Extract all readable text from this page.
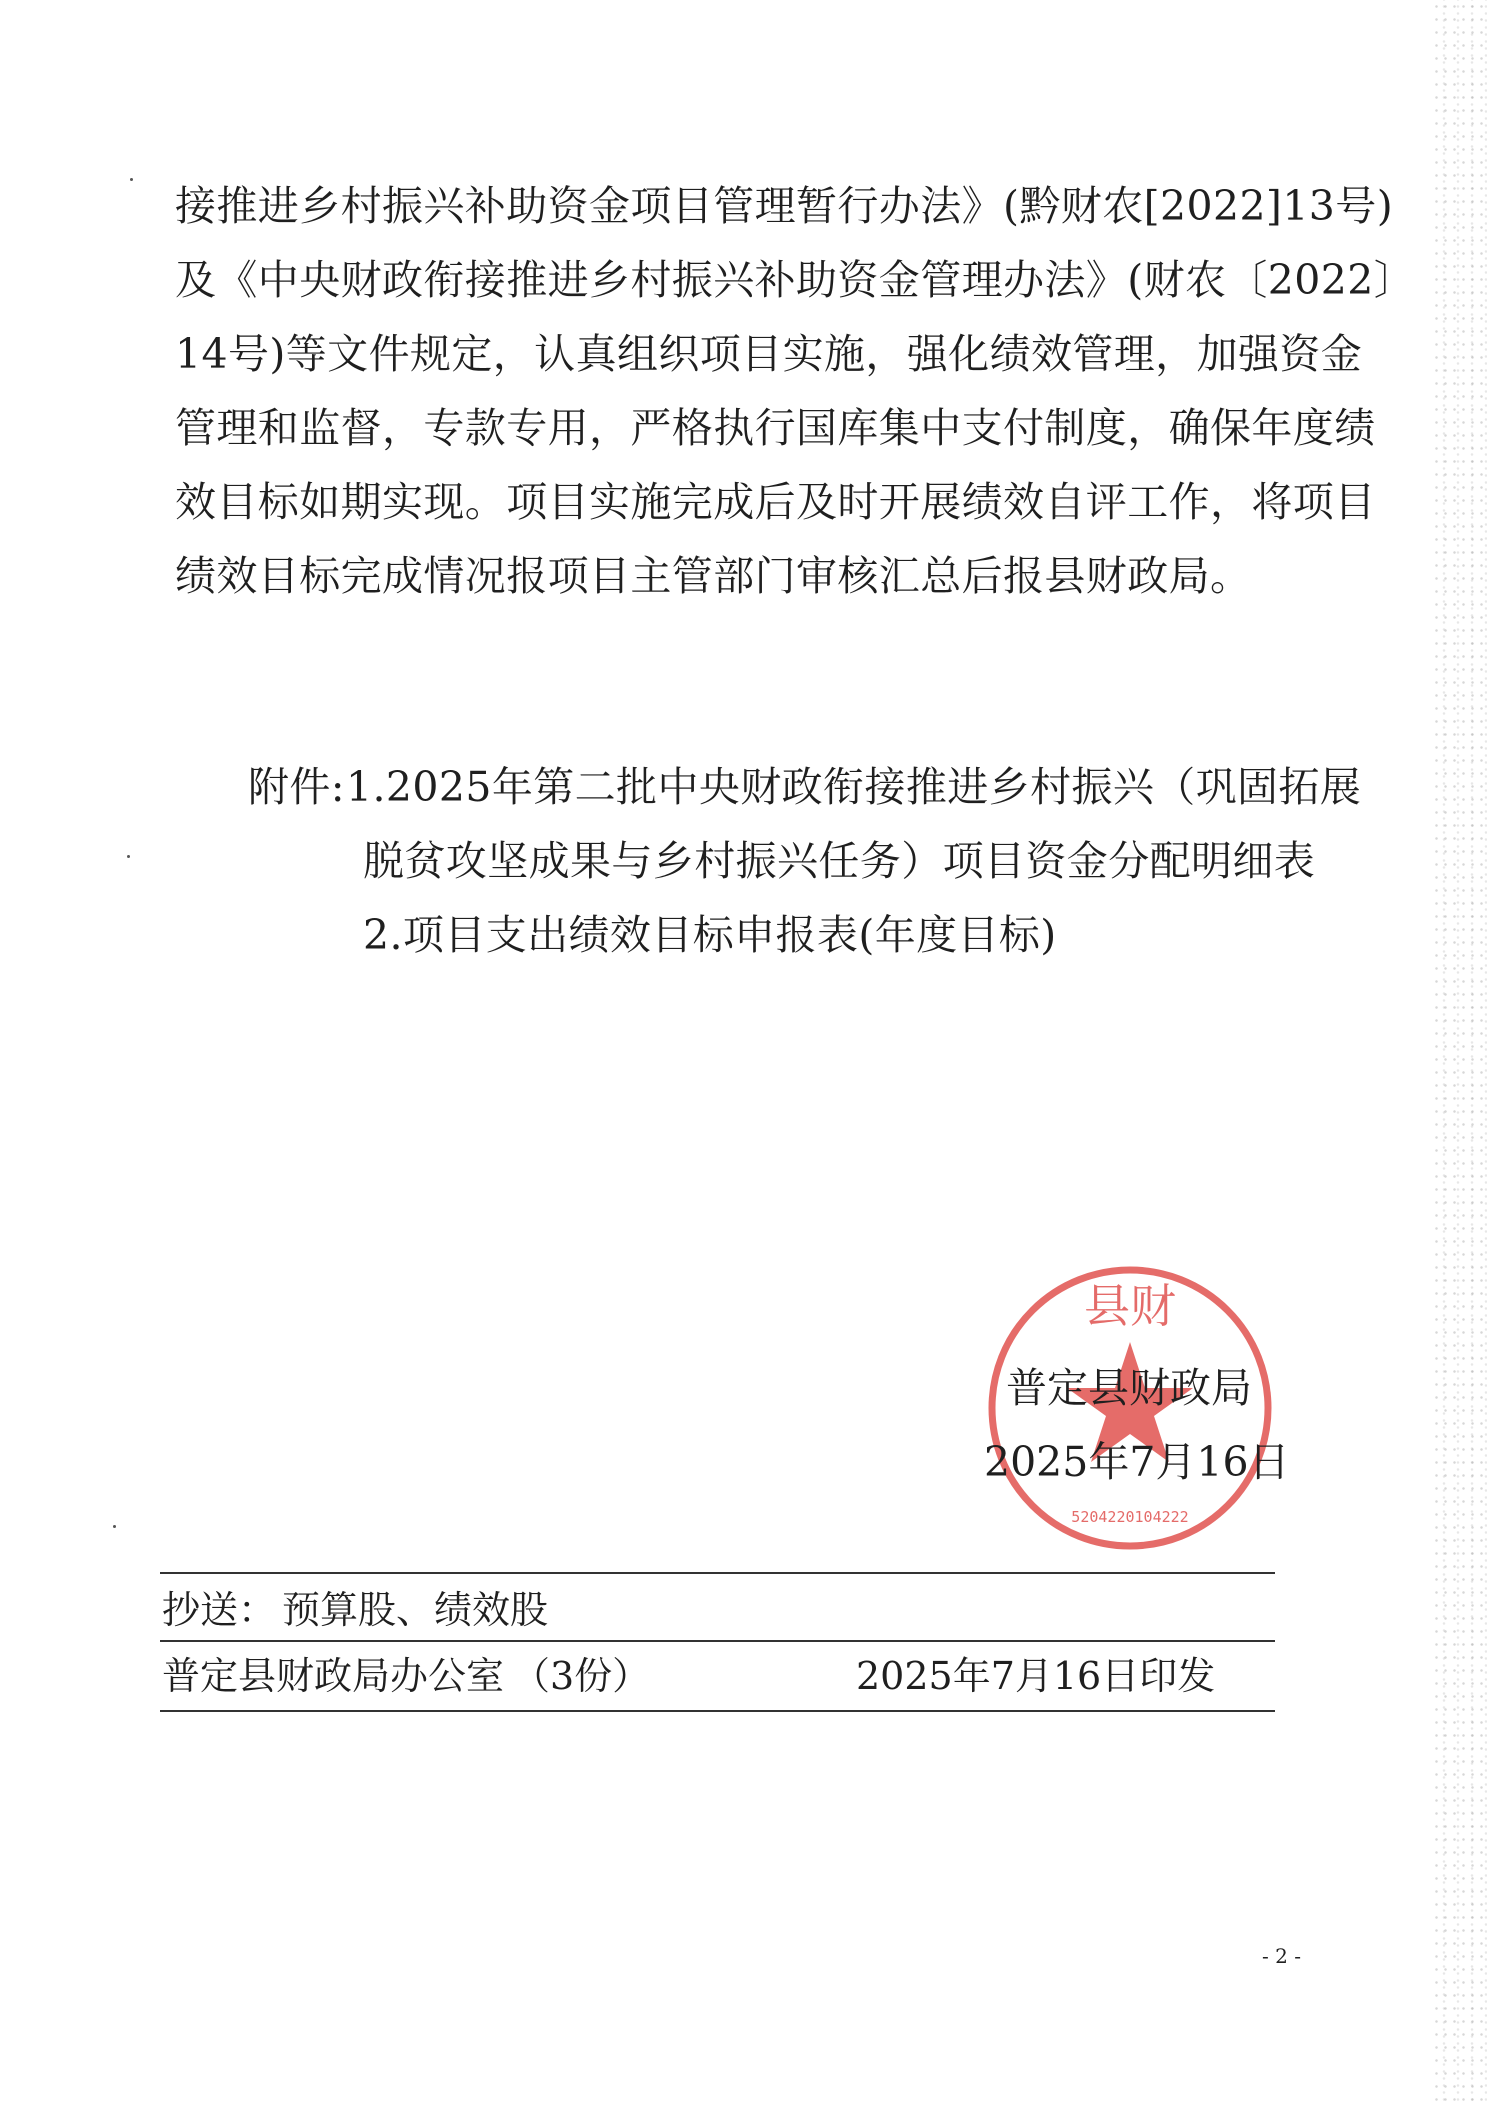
接推进乡村振兴补助资金项目管理暂行办法》(黔财农[2022]13号)
及《中央财政衔接推进乡村振兴补助资金管理办法》(财农〔2022〕
14号)等文件规定，认真组织项目实施，强化绩效管理，加强资金
管理和监督，专款专用，严格执行国库集中支付制度，确保年度绩
效目标如期实现。项目实施完成后及时开展绩效自评工作，将项目
绩效目标完成情况报项目主管部门审核汇总后报县财政局。
附件: 1.2025年第二批中央财政衔接推进乡村振兴（巩固拓展
脱贫攻坚成果与乡村振兴任务）项目资金分配明细表
2.项目支出绩效目标申报表(年度目标)
县财
5204220104222
普定县财政局
2025年7月16日
抄送： 预算股、绩效股
普定县财政局办公室 （3份）	2025年7月16日印发
- 2 -
